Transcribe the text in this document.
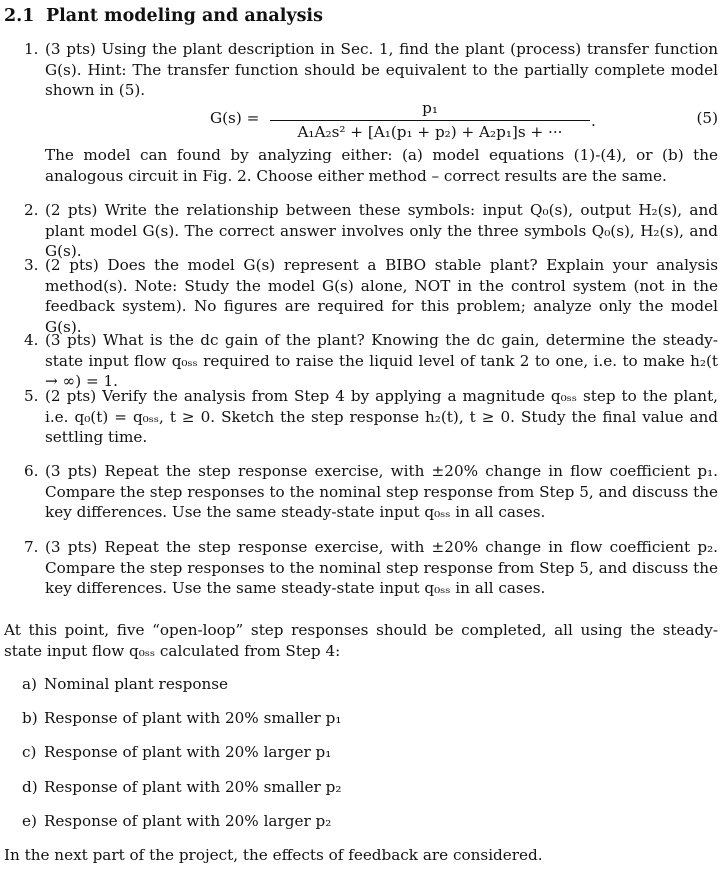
2.1 Plant modeling and analysis
1. (3 pts) Using the plant description in Sec. 1, find the plant (process) transfer function G(s). Hint: The transfer function should be equivalent to the partially complete model shown in (5).
$G(s) = \frac{\text{p₁}}{\text{A₁A₂s² + [A₁(p₁ + p₂) + A₂p₁]s + ···}}$ .	(5)
The model can found by analyzing either: (a) model equations (1)-(4), or (b) the analogous circuit in Fig. 2. Choose either method – correct results are the same.
2. (2 pts) Write the relationship between these symbols: input Q₀(s), output H₂(s), and plant model G(s). The correct answer involves only the three symbols Q₀(s), H₂(s), and G(s).
3. (2 pts) Does the model G(s) represent a BIBO stable plant? Explain your analysis method(s). Note: Study the model G(s) alone, NOT in the control system (not in the feedback system). No figures are required for this problem; analyze only the model G(s).
4. (3 pts) What is the dc gain of the plant? Knowing the dc gain, determine the steady-state input flow q₀ₛₛ required to raise the liquid level of tank 2 to one, i.e. to make h₂(t → ∞) = 1.
5. (2 pts) Verify the analysis from Step 4 by applying a magnitude q₀ₛₛ step to the plant, i.e. q₀(t) = q₀ₛₛ, t ≥ 0. Sketch the step response h₂(t), t ≥ 0. Study the final value and settling time.
6. (3 pts) Repeat the step response exercise, with ±20% change in flow coefficient p₁. Compare the step responses to the nominal step response from Step 5, and discuss the key differences. Use the same steady-state input q₀ₛₛ in all cases.
7. (3 pts) Repeat the step response exercise, with ±20% change in flow coefficient p₂. Compare the step responses to the nominal step response from Step 5, and discuss the key differences. Use the same steady-state input q₀ₛₛ in all cases.
At this point, five “open-loop” step responses should be completed, all using the steady-state input flow q₀ₛₛ calculated from Step 4:
a) Nominal plant response
b) Response of plant with 20% smaller p₁
c) Response of plant with 20% larger p₁
d) Response of plant with 20% smaller p₂
e) Response of plant with 20% larger p₂
In the next part of the project, the effects of feedback are considered.
